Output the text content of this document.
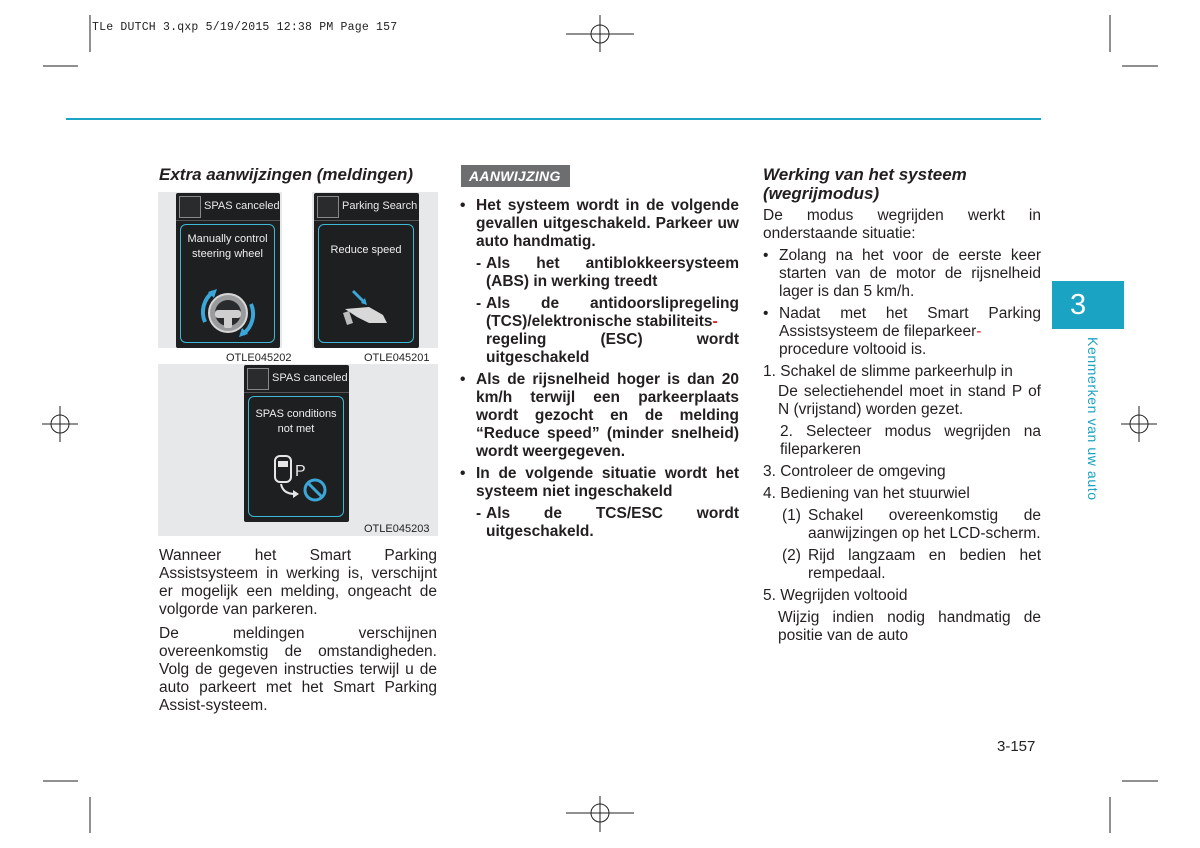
TLe DUTCH 3.qxp 5/19/2015 12:38 PM Page 157

Extra aanwijzingen (meldingen)

SPAS canceled
Manually control
steering wheel
OTLE045202
Parking Search
Reduce speed
OTLE045201
SPAS canceled
SPAS conditions
not met
P
OTLE045203

Wanneer het Smart Parking Assistsysteem in werking is, verschijnt er mogelijk een melding, ongeacht de volgorde van parkeren.

De meldingen verschijnen overeenkomstig de omstandigheden. Volg de gegeven instructies terwijl u de auto parkeert met het Smart Parking Assist-systeem.

AANWIJZING

• Het systeem wordt in de volgende gevallen uitgeschakeld. Parkeer uw auto handmatig.

- Als het antiblokkeersysteem (ABS) in werking treedt

- Als de antidoorslipregeling (TCS)/elektronische stabiliteits-
regeling (ESC) wordt uitgeschakeld

• Als de rijsnelheid hoger is dan 20 km/h terwijl een parkeerplaats wordt gezocht en de melding “Reduce speed” (minder snelheid) wordt weergegeven.

• In de volgende situatie wordt het systeem niet ingeschakeld

- Als de TCS/ESC wordt uitgeschakeld.

Werking van het systeem

(wegrijmodus)

De modus wegrijden werkt in onderstaande situatie:

• Zolang na het voor de eerste keer starten van de motor de rijsnelheid lager is dan 5 km/h.

• Nadat met het Smart Parking Assistsysteem de fileparkeer-
procedure voltooid is.

1. Schakel de slimme parkeerhulp in

De selectiehendel moet in stand P of N (vrijstand) worden gezet.

2. Selecteer modus wegrijden na fileparkeren

3. Controleer de omgeving

4. Bediening van het stuurwiel

(1) Schakel overeenkomstig de aanwijzingen op het LCD-scherm.

(2) Rijd langzaam en bedien het rempedaal.

5. Wegrijden voltooid

Wijzig indien nodig handmatig de positie van de auto

3
Kenmerken van uw auto
3-157
